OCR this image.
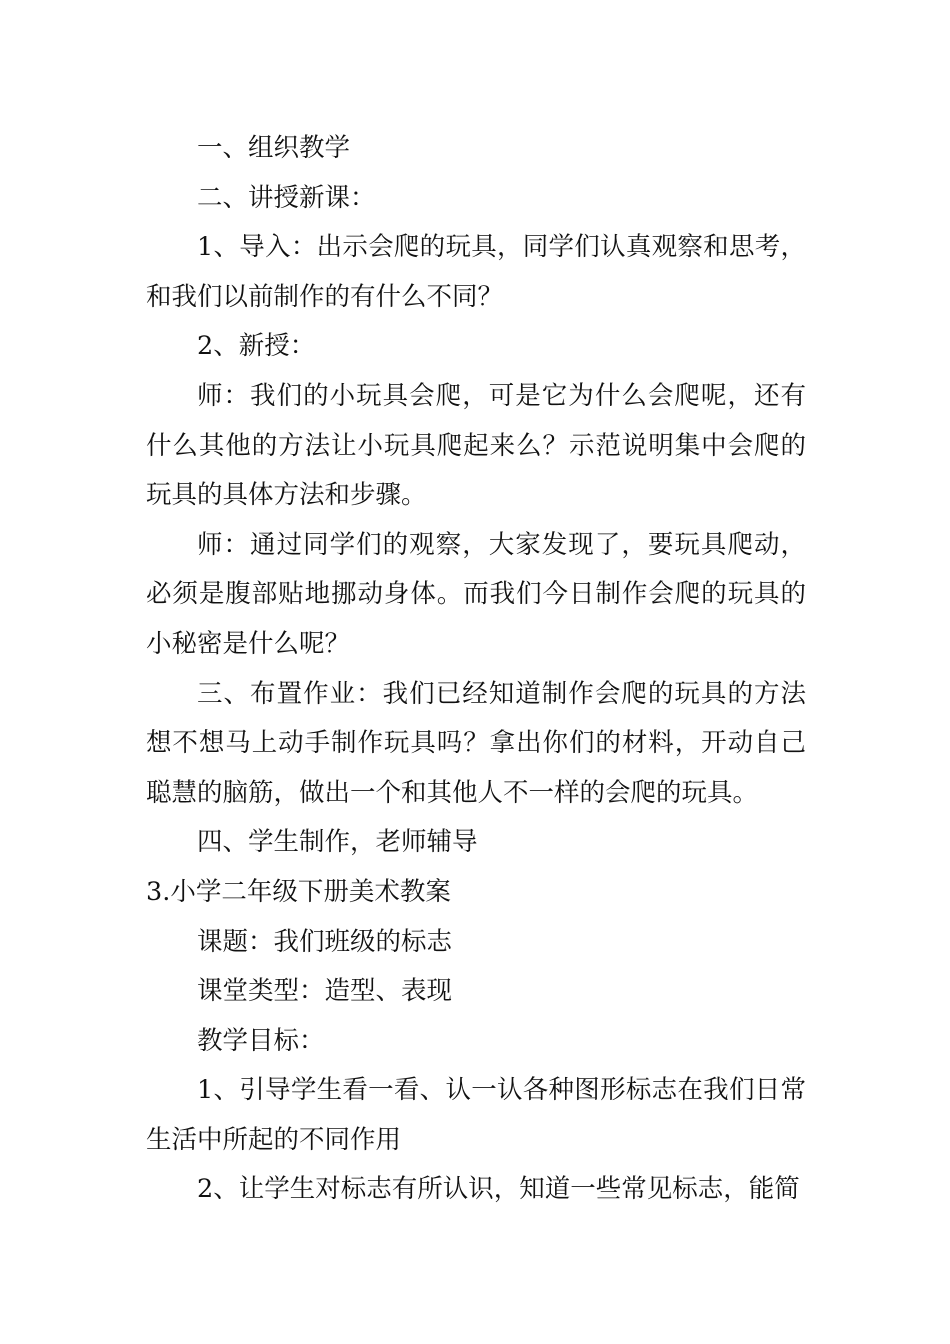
一、组织教学

二、讲授新课：

1、导入：出示会爬的玩具，同学们认真观察和思考，和我们以前制作的有什么不同？

2、新授：

师：我们的小玩具会爬，可是它为什么会爬呢，还有什么其他的方法让小玩具爬起来么？示范说明集中会爬的玩具的具体方法和步骤。

师：通过同学们的观察，大家发现了，要玩具爬动，必须是腹部贴地挪动身体。而我们今日制作会爬的玩具的小秘密是什么呢？

三、布置作业：我们已经知道制作会爬的玩具的方法想不想马上动手制作玩具吗？拿出你们的材料，开动自己聪慧的脑筋，做出一个和其他人不一样的会爬的玩具。

四、学生制作，老师辅导

3.小学二年级下册美术教案

课题：我们班级的标志

课堂类型：造型、表现

教学目标：

1、引导学生看一看、认一认各种图形标志在我们日常生活中所起的不同作用

2、让学生对标志有所认识，知道一些常见标志，能简
